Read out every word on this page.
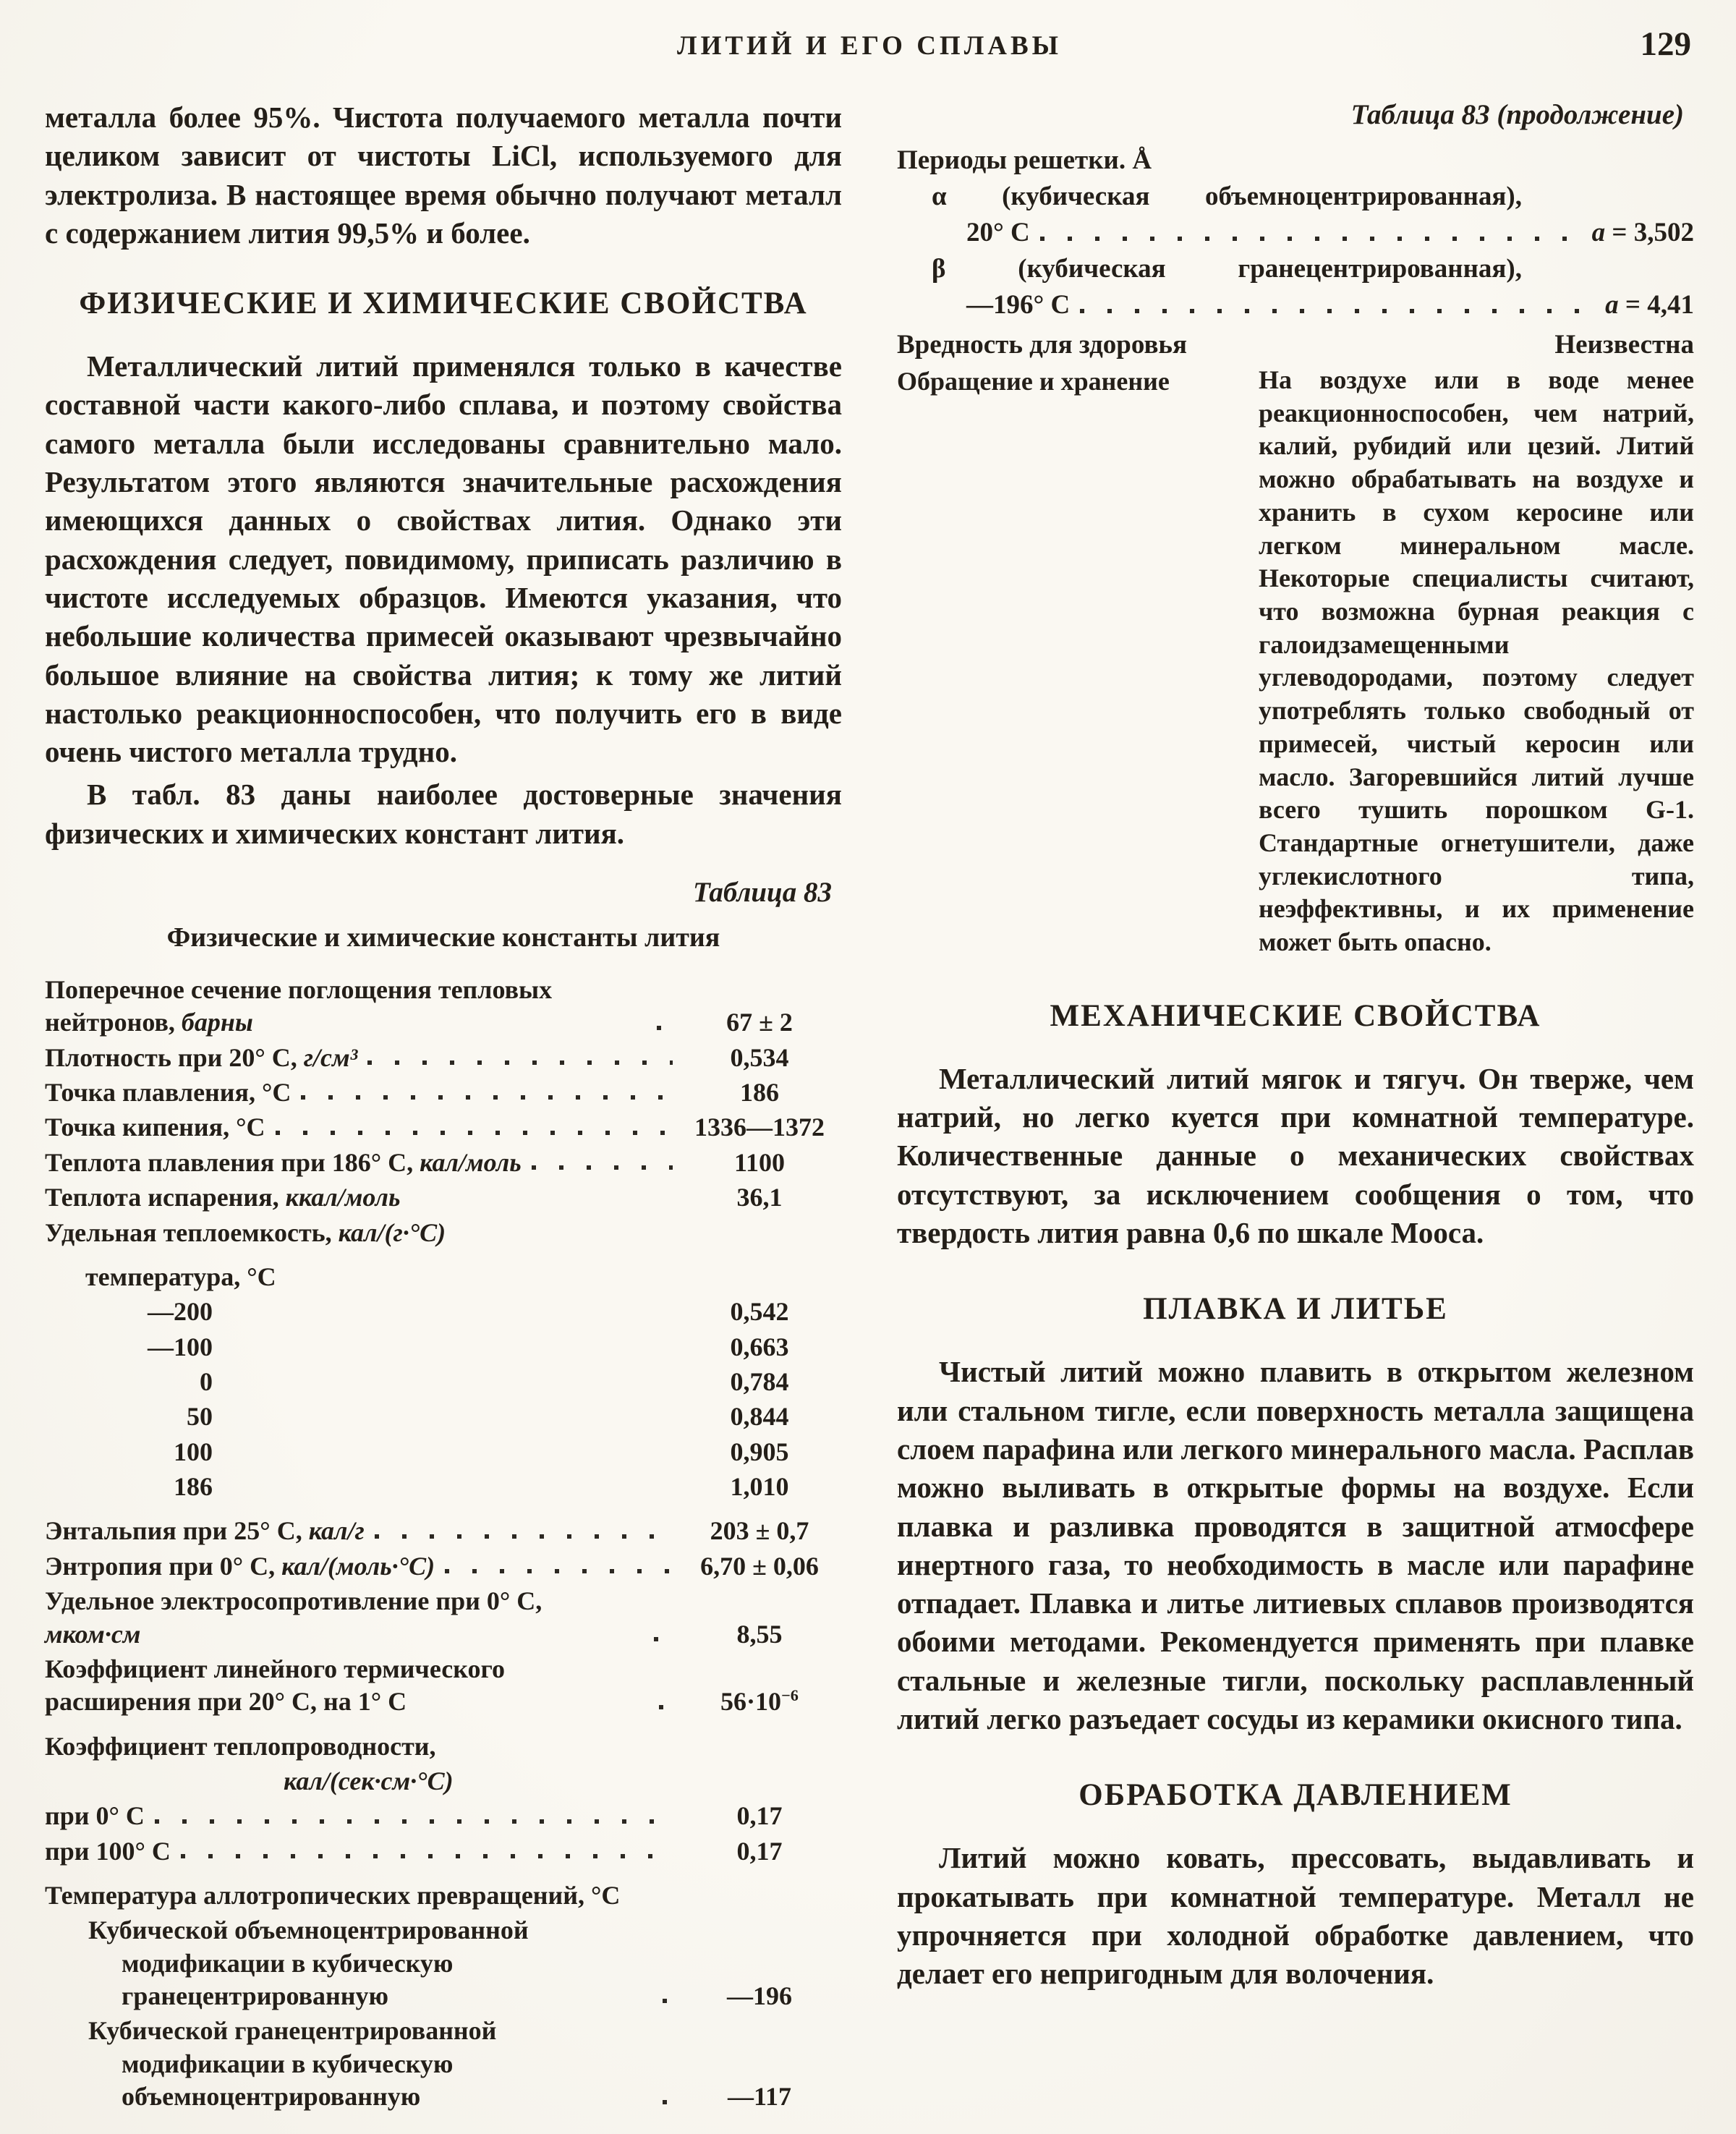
ЛИТИЙ И ЕГО СПЛАВЫ	129

металла более 95%. Чистота получаемого металла почти целиком зависит от чистоты LiCl, используемого для электролиза. В настоящее время обычно получают металл с содержанием лития 99,5% и более.

ФИЗИЧЕСКИЕ И ХИМИЧЕСКИЕ СВОЙСТВА

Металлический литий применялся только в качестве составной части какого-либо сплава, и поэтому свойства самого металла были исследованы сравнительно мало. Результатом этого являются значительные расхождения имеющихся данных о свойствах лития. Однако эти расхождения следует, повидимому, приписать различию в чистоте исследуемых образцов. Имеются указания, что небольшие количества примесей оказывают чрезвычайно большое влияние на свойства лития; к тому же литий настолько реакционноспособен, что получить его в виде очень чистого металла трудно.

В табл. 83 даны наиболее достоверные значения физических и химических констант лития.

Таблица 83
Физические и химические константы лития
Поперечное сечение поглощения тепловых нейтронов, барны	67 ± 2
Плотность при 20° С, г/см³	0,534
Точка плавления, °С	186
Точка кипения, °С	1336—1372
Теплота плавления при 186° С, кал/моль	1100
Теплота испарения, ккал/моль	36,1
Удельная теплоемкость, кал/(г·°С)
температура, °С
—200	0,542
—100	0,663
0	0,784
50	0,844
100	0,905
186	1,010
Энтальпия при 25° С, кал/г	203 ± 0,7
Энтропия при 0° С, кал/(моль·°С)	6,70 ± 0,06
Удельное электросопротивление при 0° С, мком·см	8,55
Коэффициент линейного термического расширения при 20° С, на 1° С	$56\cdot 10^{-6}$
Коэффициент теплопроводности,
кал/(сек·см·°С)
при 0° С	0,17
при 100° С	0,17
Температура аллотропических превращений, °С
Кубической объемноцентрированной модификации в кубическую гранецентрированную	—196
Кубической гранецентрированной модификации в кубическую объемноцентрированную	—117
Таблица 83 (продолжение)
Периоды решетки. Å
α (кубическая объемноцентрированная),
20° С	a = 3,502
β (кубическая гранецентрированная),
—196° С	a = 4,41
Вредность для здоровья	Неизвестна
Обращение и хранение	На воздухе или в воде менее реакционноспособен, чем натрий, калий, рубидий или цезий. Литий можно обрабатывать на воздухе и хранить в сухом керосине или легком минеральном масле. Некоторые специалисты считают, что возможна бурная реакция с галоидзамещенными углеводородами, поэтому следует употреблять только свободный от примесей, чистый керосин или масло. Загоревшийся литий лучше всего тушить порошком G-1. Стандартные огнетушители, даже углекислотного типа, неэффективны, и их применение может быть опасно.
МЕХАНИЧЕСКИЕ СВОЙСТВА

Металлический литий мягок и тягуч. Он тверже, чем натрий, но легко куется при комнатной температуре. Количественные данные о механических свойствах отсутствуют, за исключением сообщения о том, что твердость лития равна 0,6 по шкале Мооса.

ПЛАВКА И ЛИТЬЕ

Чистый литий можно плавить в открытом железном или стальном тигле, если поверхность металла защищена слоем парафина или легкого минерального масла. Расплав можно выливать в открытые формы на воздухе. Если плавка и разливка проводятся в защитной атмосфере инертного газа, то необходимость в масле или парафине отпадает. Плавка и литье литиевых сплавов производятся обоими методами. Рекомендуется применять при плавке стальные и железные тигли, поскольку расплавленный литий легко разъедает сосуды из керамики окисного типа.

ОБРАБОТКА ДАВЛЕНИЕМ

Литий можно ковать, прессовать, выдавливать и прокатывать при комнатной температуре. Металл не упрочняется при холодной обработке давлением, что делает его непригодным для волочения.
